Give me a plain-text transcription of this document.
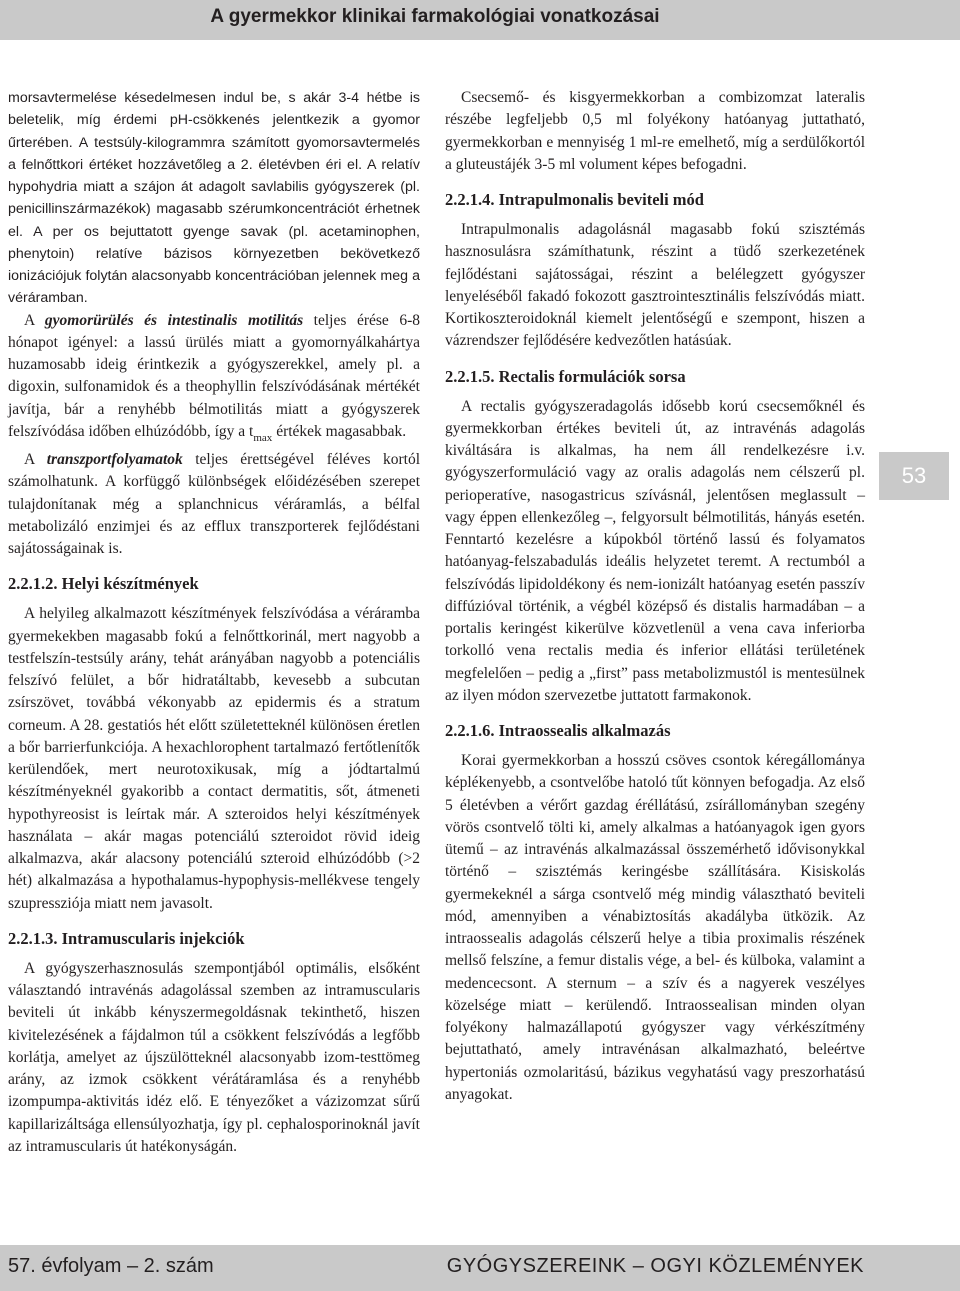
A gyermekkor klinikai farmakológiai vonatkozásai

morsavtermelése késedelmesen indul be, s akár 3-4 hétbe is beletelik, míg érdemi pH-csökkenés jelentkezik a gyomor űrterében. A testsúly-kilogrammra számított gyomorsavtermelés a felnőttkori értéket hozzávetőleg a 2. életévben éri el. A relatív hypohydria miatt a szájon át adagolt savlabilis gyógyszerek (pl. penicillinszármazékok) magasabb szérumkoncentrációt érhetnek el. A per os bejuttatott gyenge savak (pl. acetaminophen, phenytoin) relatíve bázisos környezetben bekövetkező ionizációjuk folytán alacsonyabb koncentrációban jelennek meg a véráramban.

A gyomorürülés és intestinalis motilitás teljes érése 6-8 hónapot igényel: a lassú ürülés miatt a gyomornyálkahártya huzamosabb ideig érintkezik a gyógyszerekkel, amely pl. a digoxin, sulfonamidok és a theophyllin felszívódásának mértékét javítja, bár a renyhébb bélmotilitás miatt a gyógyszerek felszívódása időben elhúzódóbb, így a $t_{max}$ értékek magasabbak.

A transzportfolyamatok teljes érettségével féléves kortól számolhatunk. A korfüggő különbségek előidézésében szerepet tulajdonítanak még a splanchnicus véráramlás, a bélfal metabolizáló enzimjei és az efflux transzporterek fejlődéstani sajátosságainak is.

2.2.1.2. Helyi készítmények

A helyileg alkalmazott készítmények felszívódása a véráramba gyermekekben magasabb fokú a felnőttkorinál, mert nagyobb a testfelszín-testsúly arány, tehát arányában nagyobb a potenciális felszívó felület, a bőr hidratáltabb, kevesebb a subcutan zsírszövet, továbbá vékonyabb az epidermis és a stratum corneum. A 28. gestatiós hét előtt születetteknél különösen éretlen a bőr barrierfunkciója. A hexachlorophent tartalmazó fertőtlenítők kerülendőek, mert neurotoxikusak, míg a jódtartalmú készítményeknél gyakoribb a contact dermatitis, sőt, átmeneti hypothyreosist is leírtak már. A szteroidos helyi készítmények használata – akár magas potenciálú szteroidot rövid ideig alkalmazva, akár alacsony potenciálú szteroid elhúzódóbb (>2 hét) alkalmazása a hypothalamus-hypophysis-mellékvese tengely szupressziója miatt nem javasolt.

2.2.1.3. Intramuscularis injekciók

A gyógyszerhasznosulás szempontjából optimális, elsőként választandó intravénás adagolással szemben az intramuscularis beviteli út inkább kényszermegoldásnak tekinthető, hiszen kivitelezésének a fájdalmon túl a csökkent felszívódás a legfőbb korlátja, amelyet az újszülötteknél alacsonyabb izom-testtömeg arány, az izmok csökkent vérátáramlása és a renyhébb izompumpa-aktivitás idéz elő. E tényezőket a vázizomzat sűrű kapillarizáltsága ellensúlyozhatja, így pl. cephalosporinoknál javít az intramuscularis út hatékonyságán.

Csecsemő- és kisgyermekkorban a combizomzat lateralis részébe legfeljebb 0,5 ml folyékony hatóanyag juttatható, gyermekkorban e mennyiség 1 ml-re emelhető, míg a serdülőkortól a gluteustájék 3-5 ml volument képes befogadni.

2.2.1.4. Intrapulmonalis beviteli mód

Intrapulmonalis adagolásnál magasabb fokú szisztémás hasznosulásra számíthatunk, részint a tüdő szerkezetének fejlődéstani sajátosságai, részint a belélegzett gyógyszer lenyeléséből fakadó fokozott gasztrointesztinális felszívódás miatt. Kortikoszteroidoknál kiemelt jelentőségű e szempont, hiszen a vázrendszer fejlődésére kedvezőtlen hatásúak.

2.2.1.5. Rectalis formulációk sorsa

A rectalis gyógyszeradagolás idősebb korú csecsemőknél és gyermekkorban értékes beviteli út, az intravénás adagolás kiváltására is alkalmas, ha nem áll rendelkezésre i.v. gyógyszerformuláció vagy az oralis adagolás nem célszerű pl. perioperatíve, nasogastricus szívásnál, jelentősen meglassult – vagy éppen ellenkezőleg –, felgyorsult bélmotilitás, hányás esetén. Fenntartó kezelésre a kúpokból történő lassú és folyamatos hatóanyag-felszabadulás ideális helyzetet teremt. A rectumból a felszívódás lipidoldékony és nem-ionizált hatóanyag esetén passzív diffúzióval történik, a végbél középső és distalis harmadában – a portalis keringést kikerülve közvetlenül a vena cava inferiorba torkolló vena rectalis media és inferior ellátási területének megfelelően – pedig a „first” pass metabolizmustól is mentesülnek az ilyen módon szervezetbe juttatott farmakonok.

2.2.1.6. Intraossealis alkalmazás

Korai gyermekkorban a hosszú csöves csontok kéregállománya képlékenyebb, a csontvelőbe hatoló tűt könnyen befogadja. Az első 5 életévben a vérőrt gazdag éréllátású, zsírállományban szegény vörös csontvelő tölti ki, amely alkalmas a hatóanyagok igen gyors ütemű – az intravénás alkalmazással összemérhető idővisonykkal történő – szisztémás keringésbe szállítására. Kisiskolás gyermekeknél a sárga csontvelő még mindig választható beviteli mód, amennyiben a vénabiztosítás akadályba ütközik. Az intraossealis adagolás célszerű helye a tibia proximalis részének mellső felszíne, a femur distalis vége, a bel- és külboka, valamint a medencecsont. A sternum – a szív és a nagyerek veszélyes közelsége miatt – kerülendő. Intraossealisan minden olyan folyékony halmazállapotú gyógyszer vagy vérkészítmény bejuttatható, amely intravénásan alkalmazható, beleértve hypertoniás ozmolaritású, bázikus vegyhatású vagy preszorhatású anyagokat.

53
57. évfolyam – 2. szám	GYÓGYSZEREINK – OGYI KÖZLEMÉNYEK
